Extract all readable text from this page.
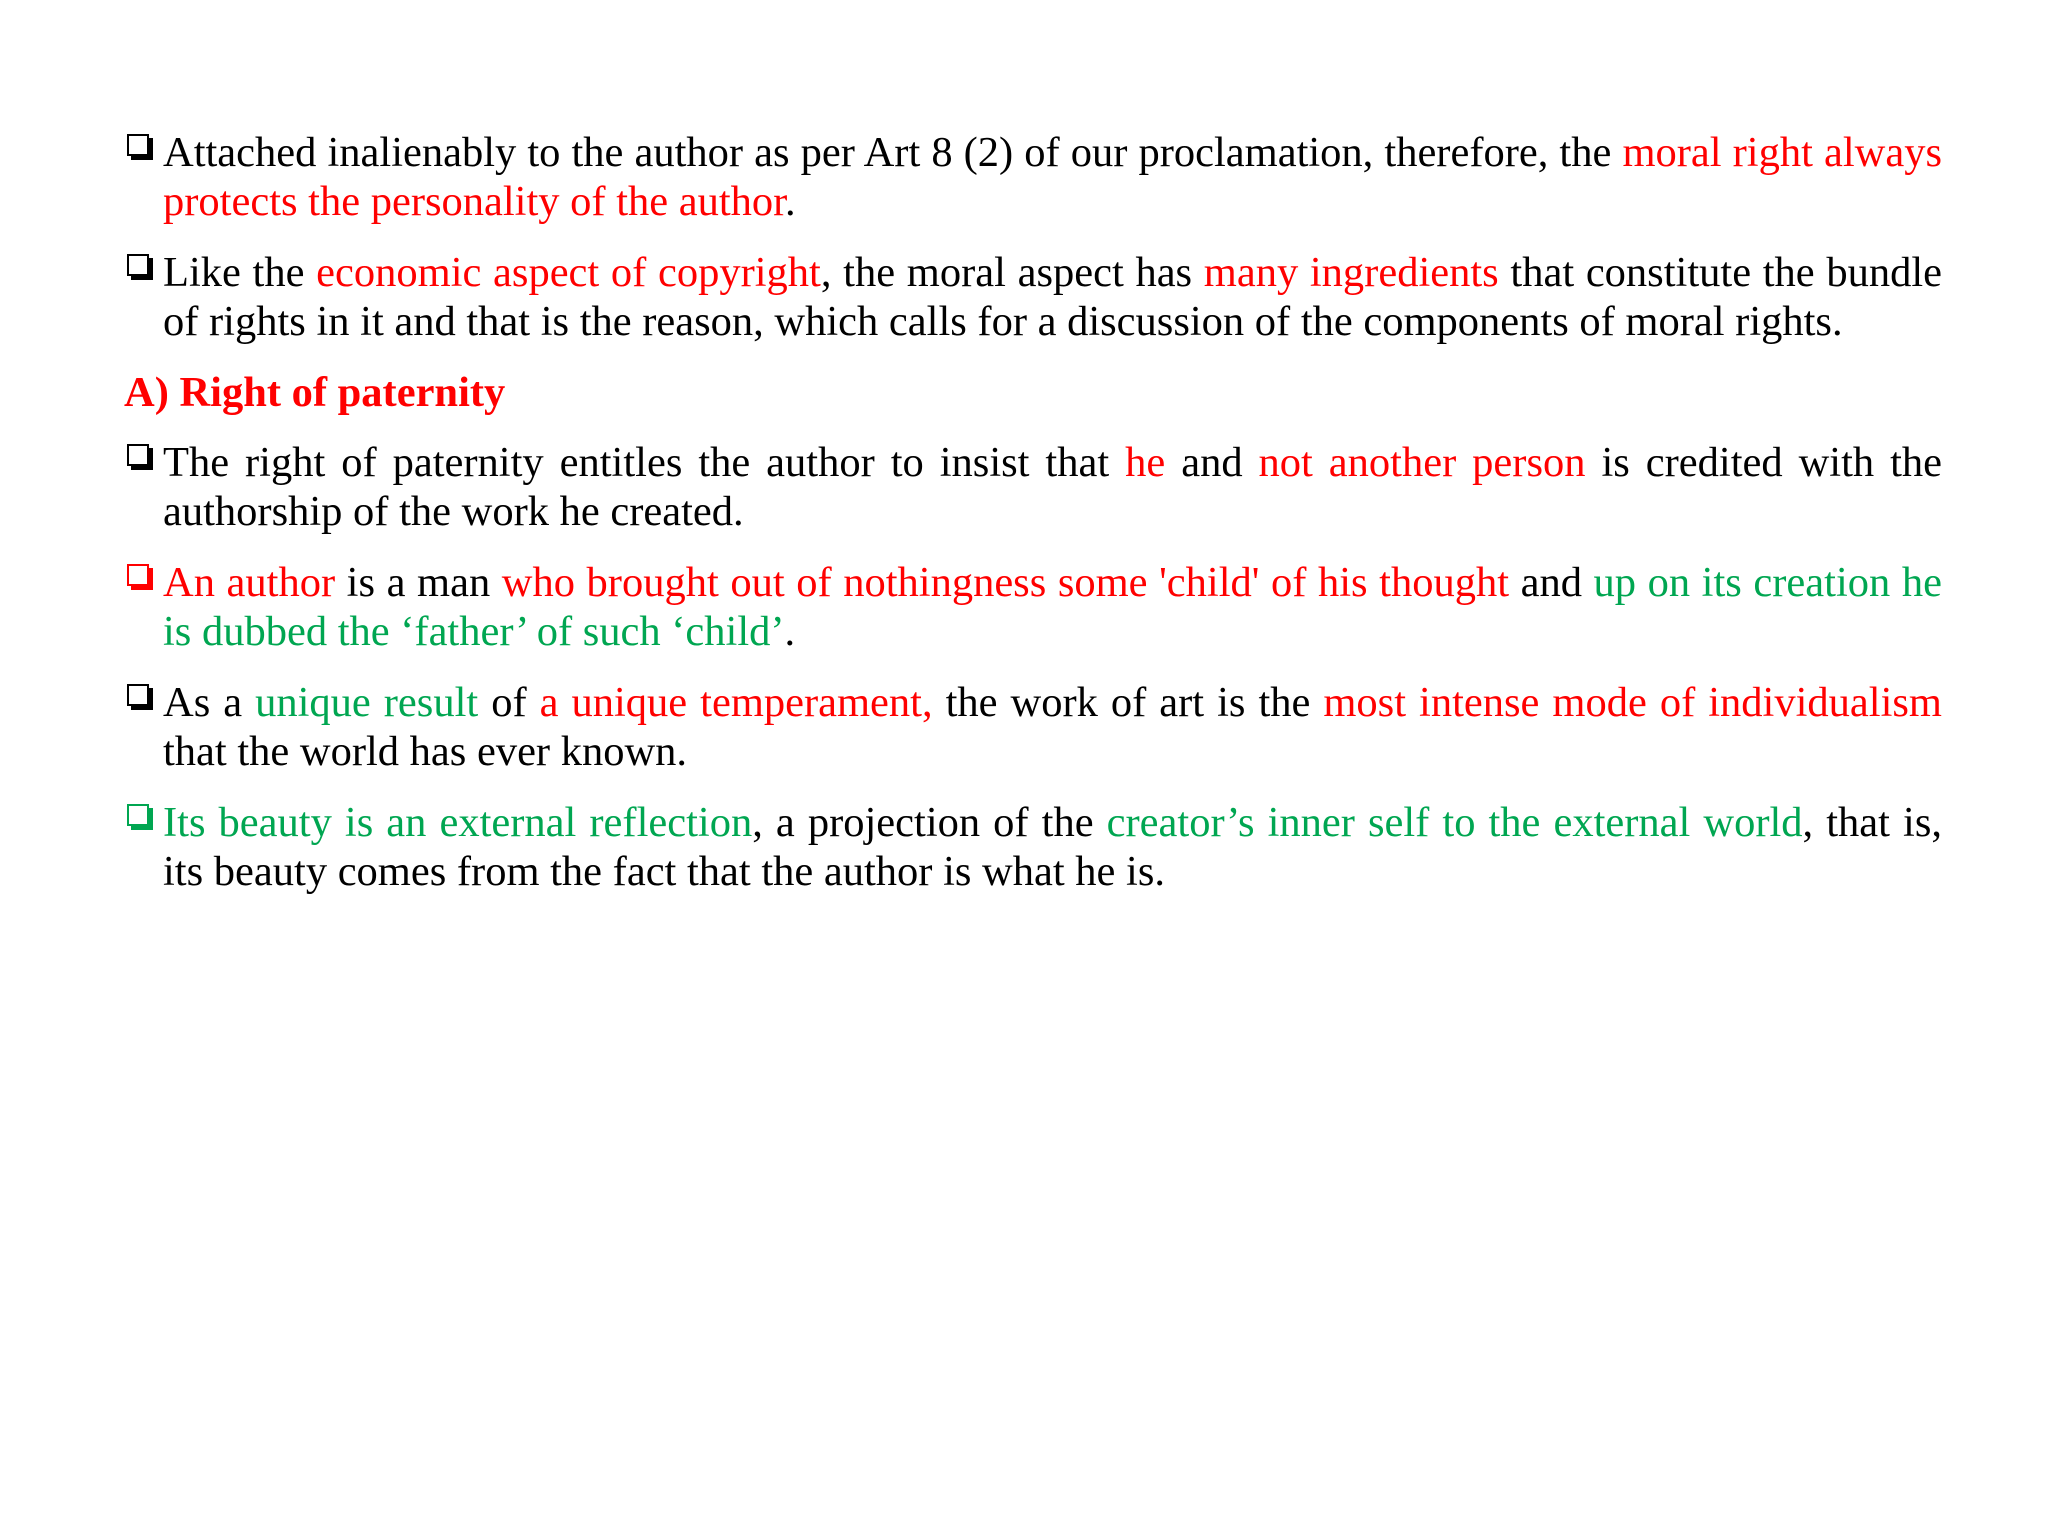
Attached inalienably to the author as per Art 8 (2) of our proclamation, therefore, the moral right always protects the personality of the author.

Like the economic aspect of copyright, the moral aspect has many ingredients that constitute the bundle of rights in it and that is the reason, which calls for a discussion of the components of moral rights.

A) Right of paternity

The right of paternity entitles the author to insist that he and not another person is credited with the authorship of the work he created.

An author is a man who brought out of nothingness some 'child' of his thought and up on its creation he is dubbed the ‘father’ of such ‘child’.

As a unique result of a unique temperament, the work of art is the most intense mode of individualism that the world has ever known.

Its beauty is an external reflection, a projection of the creator’s inner self to the external world, that is, its beauty comes from the fact that the author is what he is.
